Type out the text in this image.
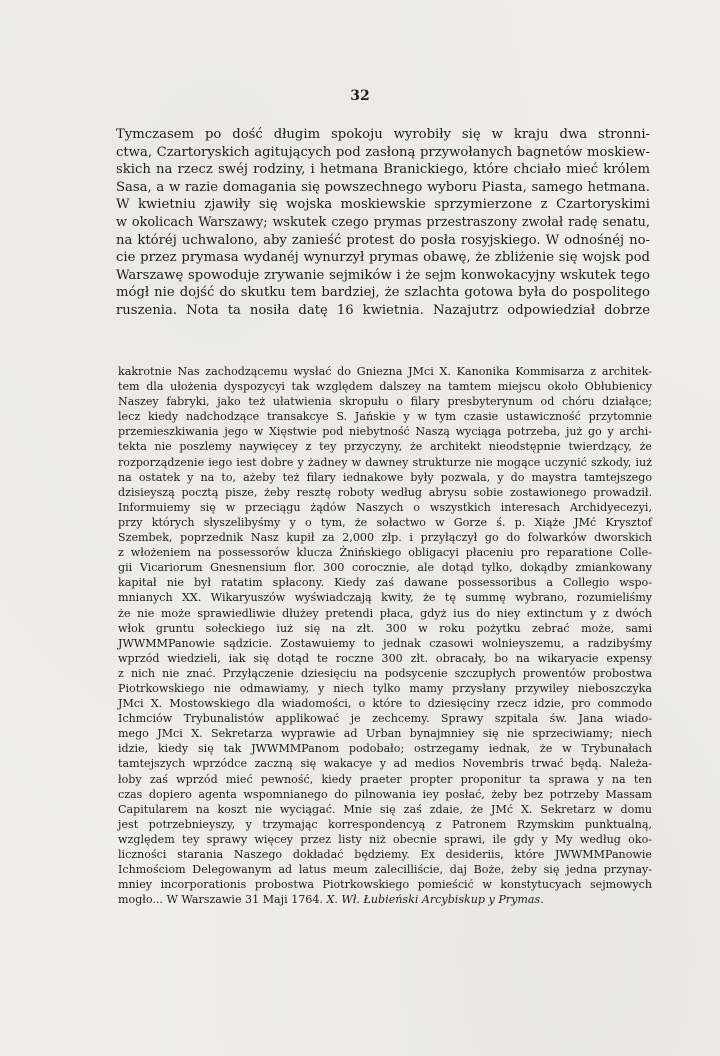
32
Tymczasem po dość długim spokoju wyrobiły się w kraju dwa stronni-
ctwa, Czartoryskich agitujących pod zasłoną przywołanych bagnetów moskiew-
skich na rzecz swéj rodziny, i hetmana Branickiego, które chciało mieć królem
Sasa, a w razie domagania się powszechnego wyboru Piasta, samego hetmana.
W kwietniu zjawiły się wojska moskiewskie sprzymierzone z Czartoryskimi
w okolicach Warszawy; wskutek czego prymas przestraszony zwołał radę senatu,
na któréj uchwalono, aby zanieść protest do posła rosyjskiego. W odnośnéj no-
cie przez prymasa wydanéj wynurzył prymas obawę, że zbliżenie się wojsk pod
Warszawę spowoduje zrywanie sejmików i że sejm konwokacyjny wskutek tego
mógł nie dojść do skutku tem bardziej, że szlachta gotowa była do pospolitego
ruszenia. Nota ta nosiła datę 16 kwietnia. Nazajutrz odpowiedział dobrze
kakrotnie Nas zachodzącemu wysłać do Gniezna JMci X. Kanonika Kommisarza z architek-
tem dla ułożenia dyspozycyi tak względem dalszey na tamtem miejscu około Obłubienicy
Naszey fabryki, jako też ułatwienia skropułu o filary presbyterynum od chóru działące;
lecz kiedy nadchodzące transakcye S. Jańskie y w tym czasie ustawiczność przytomnie
przemieszkiwania jego w Xięstwie pod niebytność Naszą wyciąga potrzeba, już go y archi-
tekta nie poszlemy naywięcey z tey przyczyny, że architekt nieodstępnie twierdzący, że
rozporządzenie iego iest dobre y żadney w dawney strukturze nie mogące uczynić szkody, iuż
na ostatek y na to, ażeby też filary iednakowe były pozwala, y do maystra tamtejszego
dzisieyszą pocztą pisze, żeby resztę roboty według abrysu sobie zostawionego prowadził.
Informuiemy się w przeciągu żądów Naszych o wszystkich interesach Archidyecezyi,
przy których słyszelibyśmy y o tym, że sołactwo w Gorze ś. p. Xiąże JMć Krysztof
Szembek, poprzednik Nasz kupił za 2,000 złp. i przyłączył go do folwarków dworskich
z włożeniem na possessorów klucza Żnińskiego obligacyi płaceniu pro reparatione Colle-
gii Vicariorum Gnesnensium flor. 300 corocznie, ale dotąd tylko, dokądby zmiankowany
kapitał nie był ratatim spłacony. Kiedy zaś dawane possessoribus a Collegio wspo-
mnianych XX. Wikaryuszów wyświadczają kwity, że tę summę wybrano, rozumieliśmy
że nie może sprawiedliwie dłużey pretendi płaca, gdyż ius do niey extinctum y z dwóch
włok gruntu sołeckiego iuż się na złt. 300 w roku pożytku zebrać może, sami
JWWMMPanowie sądzicie. Zostawuiemy to jednak czasowi wolnieyszemu, a radzibyśmy
wprzód wiedzieli, iak się dotąd te roczne 300 złt. obracały, bo na wikaryacie expensy
z nich nie znać. Przyłączenie dziesięciu na podsycenie szczupłych prowentów probostwa
Piotrkowskiego nie odmawiamy, y niech tylko mamy przysłany przywiley nieboszczyka
JMci X. Mostowskiego dla wiadomości, o które to dziesięciny rzecz idzie, pro commodo
Ichmciów Trybunalistów applikować je zechcemy. Sprawy szpitala św. Jana wiado-
mego JMci X. Sekretarza wyprawie ad Urban bynajmniey się nie sprzeciwiamy; niech
idzie, kiedy się tak JWWMMPanom podobało; ostrzegamy iednak, że w Trybunałach
tamtejszych wprzódce zaczną się wakacye y ad medios Novembris trwać będą. Należa-
łoby zaś wprzód mieć pewność, kiedy praeter propter proponitur ta sprawa y na ten
czas dopiero agenta wspomnianego do pilnowania iey posłać, żeby bez potrzeby Massam
Capitularem na koszt nie wyciągać. Mnie się zaś zdaie, że JMć X. Sekretarz w domu
jest potrzebnieyszy, y trzymając korrespondencyą z Patronem Rzymskim punktualną,
względem tey sprawy więcey przez listy niż obecnie sprawi, ile gdy y My według oko-
liczności starania Naszego dokładać będziemy. Ex desideriis, które JWWMMPanowie
Ichmościom Delegowanym ad latus meum zalecilliście, daj Boże, żeby się jedna przynay-
mniey incorporationis probostwa Piotrkowskiego pomieścić w konstytucyach sejmowych
mogło... W Warszawie 31 Maji 1764. X. Wł. Łubieński Arcybiskup y Prymas.
